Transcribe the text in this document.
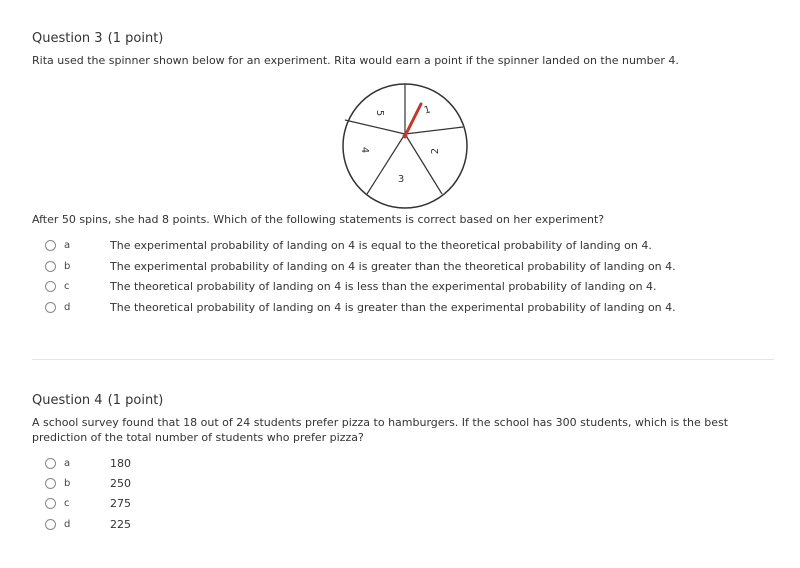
Question 3 (1 point)
Rita used the spinner shown below for an experiment. Rita would earn a point if the spinner landed on the number 4.
5	1
2
3
4
After 50 spins, she had 8 points. Which of the following statements is correct based on her experiment?
a	The experimental probability of landing on 4 is equal to the theoretical probability of landing on 4.
b	The experimental probability of landing on 4 is greater than the theoretical probability of landing on 4.
c	The theoretical probability of landing on 4 is less than the experimental probability of landing on 4.
d	The theoretical probability of landing on 4 is greater than the experimental probability of landing on 4.
Question 4 (1 point)
A school survey found that 18 out of 24 students prefer pizza to hamburgers. If the school has 300 students, which is the best prediction of the total number of students who prefer pizza?
a	180
b	250
c	275
d	225
